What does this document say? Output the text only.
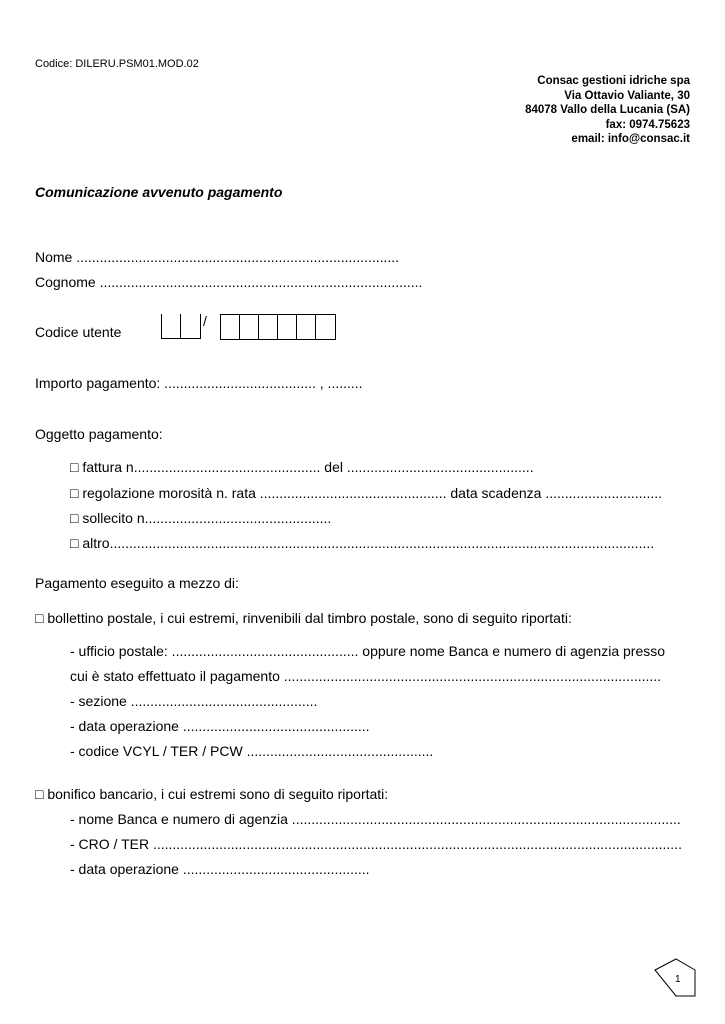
Codice: DILERU.PSM01.MOD.02
Consac gestioni idriche spa
Via Ottavio Valiante, 30
84078 Vallo della Lucania (SA)
fax: 0974.75623
email: info@consac.it
Comunicazione avvenuto pagamento
Nome ...................................................................................
Cognome ...................................................................................
Codice utente
/
Importo pagamento: ....................................... , .........
Oggetto pagamento:
□ fattura n................................................ del ................................................
□ regolazione morosità n. rata ................................................ data scadenza ..............................
□ sollecito n................................................
□ altro............................................................................................................................................
Pagamento eseguito a mezzo di:
□ bollettino postale, i cui estremi, rinvenibili dal timbro postale, sono di seguito riportati:
- ufficio postale: ................................................ oppure nome Banca e numero di agenzia presso
cui è stato effettuato il pagamento .................................................................................................
- sezione ................................................
- data operazione ................................................
- codice VCYL / TER / PCW ................................................
□ bonifico bancario, i cui estremi sono di seguito riportati:
- nome Banca e numero di agenzia ....................................................................................................
- CRO / TER ........................................................................................................................................
- data operazione ................................................
1
